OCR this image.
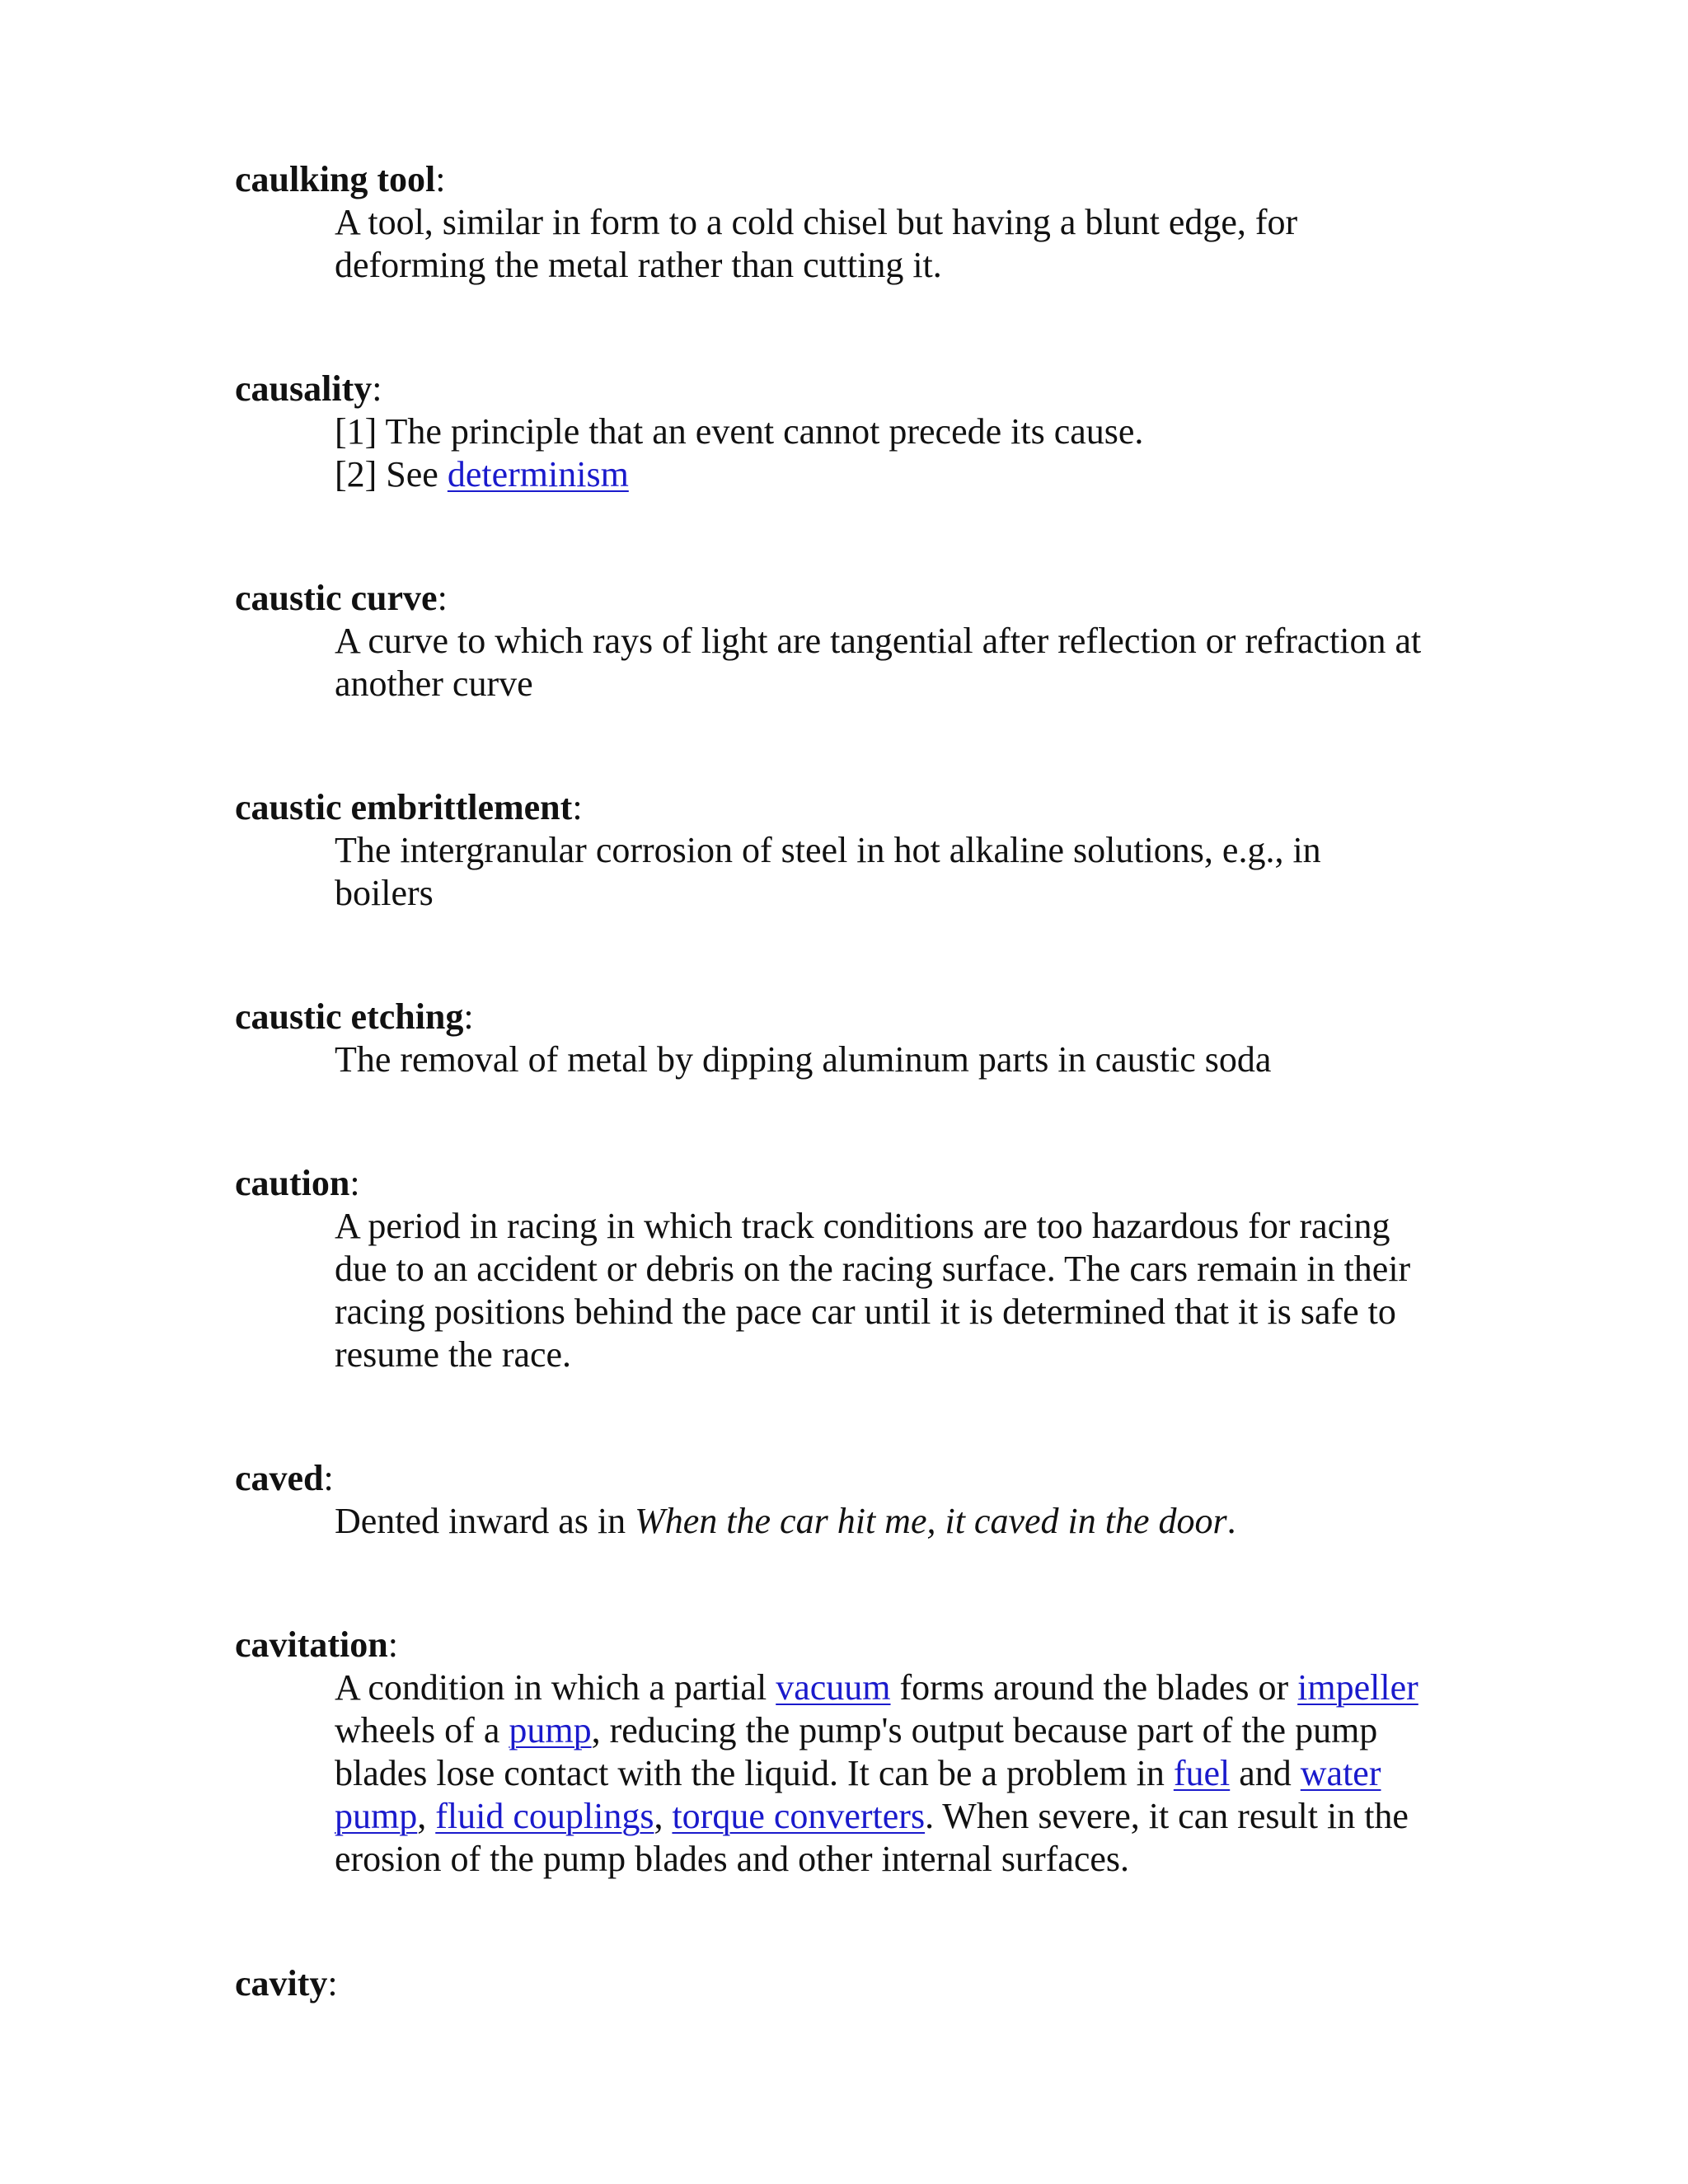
caulking tool:
A tool, similar in form to a cold chisel but having a blunt edge, for
deforming the metal rather than cutting it.
causality:
[1] The principle that an event cannot precede its cause.
[2] See determinism
caustic curve:
A curve to which rays of light are tangential after reflection or refraction at
another curve
caustic embrittlement:
The intergranular corrosion of steel in hot alkaline solutions, e.g., in
boilers
caustic etching:
The removal of metal by dipping aluminum parts in caustic soda
caution:
A period in racing in which track conditions are too hazardous for racing
due to an accident or debris on the racing surface. The cars remain in their
racing positions behind the pace car until it is determined that it is safe to
resume the race.
caved:
Dented inward as in When the car hit me, it caved in the door.
cavitation:
A condition in which a partial vacuum forms around the blades or impeller
wheels of a pump, reducing the pump's output because part of the pump
blades lose contact with the liquid. It can be a problem in fuel and water
pump, fluid couplings, torque converters. When severe, it can result in the
erosion of the pump blades and other internal surfaces.
cavity:
